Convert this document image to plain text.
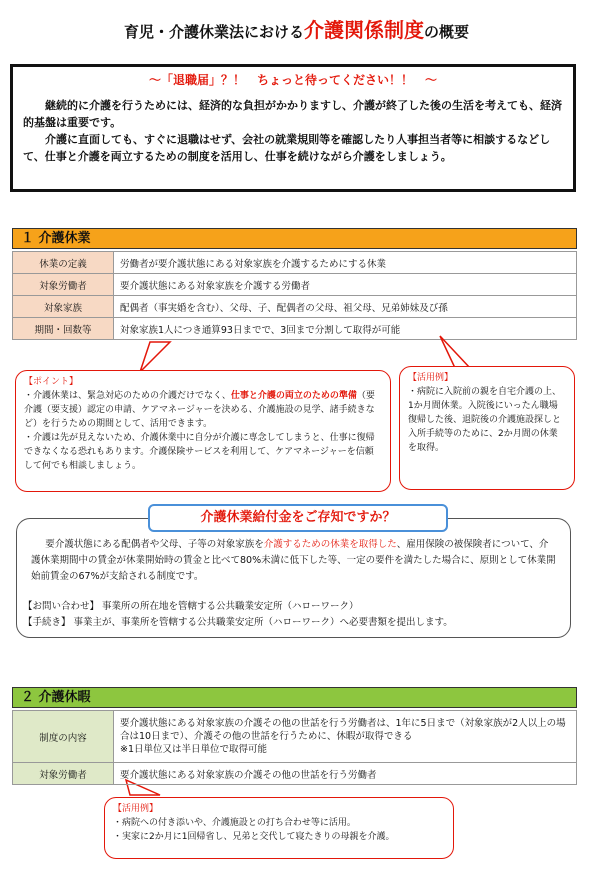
育児・介護休業法における介護関係制度の概要
～「退職届」？！　ちょっと待ってください！！　～
継続的に介護を行うためには、経済的な負担がかかりますし、介護が終了した後の生活を考えても、経済的基盤は重要です。
介護に直面しても、すぐに退職はせず、会社の就業規則等を確認したり人事担当者等に相談するなどして、仕事と介護を両立するための制度を活用し、仕事を続けながら介護をしましょう。
１ 介護休業
休業の定義	労働者が要介護状態にある対象家族を介護するためにする休業
対象労働者	要介護状態にある対象家族を介護する労働者
対象家族	配偶者（事実婚を含む）、父母、子、配偶者の父母、祖父母、兄弟姉妹及び孫
期間・回数等	対象家族1人につき通算93日までで、3回まで分割して取得が可能
【ポイント】
・介護休業は、緊急対応のための介護だけでなく、仕事と介護の両立のための準備（要介護（要支援）認定の申請、ケアマネージャーを決める、介護施設の見学、諸手続きなど）を行うための期間として、活用できます。
・介護は先が見えないため、介護休業中に自分が介護に専念してしまうと、仕事に復帰できなくなる恐れもあります。介護保険サービスを利用して、ケアマネージャーを信頼して何でも相談しましょう。
【活用例】
・病院に入院前の親を自宅介護の上、1か月間休業。入院後にいったん職場復帰した後、退院後の介護施設探しと入所手続等のために、2か月間の休業を取得。
要介護状態にある配偶者や父母、子等の対象家族を介護するための休業を取得した、雇用保険の被保険者について、介護休業期間中の賃金が休業開始時の賃金と比べて80%未満に低下した等、一定の要件を満たした場合に、原則として休業開始前賃金の67%が支給される制度です。
【お問い合わせ】 事業所の所在地を管轄する公共職業安定所（ハローワーク）
【手続き】 事業主が、事業所を管轄する公共職業安定所（ハローワーク）へ必要書類を提出します。
介護休業給付金をご存知ですか？
２ 介護休暇
制度の内容	要介護状態にある対象家族の介護その他の世話を行う労働者は、1年に5日まで（対象家族が2人以上の場合は10日まで）、介護その他の世話を行うために、休暇が取得できる
※1日単位又は半日単位で取得可能

対象労働者	要介護状態にある対象家族の介護その他の世話を行う労働者
【活用例】
・病院への付き添いや、介護施設との打ち合わせ等に活用。
・実家に2か月に1回帰省し、兄弟と交代して寝たきりの母親を介護。
